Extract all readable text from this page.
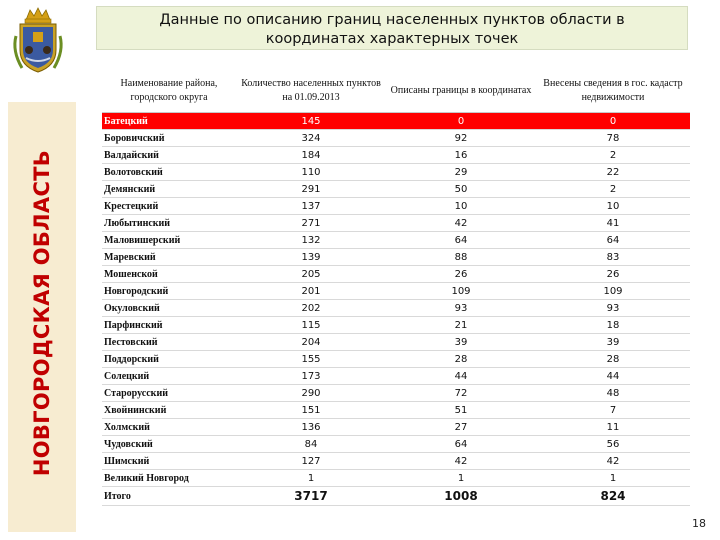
НОВГОРОДСКАЯ ОБЛАСТЬ
Данные по описанию границ населенных пунктов области в
координатах характерных точек
Наименование района, городского округа	Количество населенных пунктов на 01.09.2013	Описаны границы в координатах	Внесены сведения в гос. кадастр недвижимости
Батецкий	145	0	0
Боровичский	324	92	78
Валдайский	184	16	2
Волотовский	110	29	22
Демянский	291	50	2
Крестецкий	137	10	10
Любытинский	271	42	41
Маловишерский	132	64	64
Маревский	139	88	83
Мошенской	205	26	26
Новгородский	201	109	109
Окуловский	202	93	93
Парфинский	115	21	18
Пестовский	204	39	39
Поддорский	155	28	28
Солецкий	173	44	44
Старорусский	290	72	48
Хвойнинский	151	51	7
Холмский	136	27	11
Чудовский	84	64	56
Шимский	127	42	42
Великий Новгород	1	1	1
Итого	3717	1008	824
18
